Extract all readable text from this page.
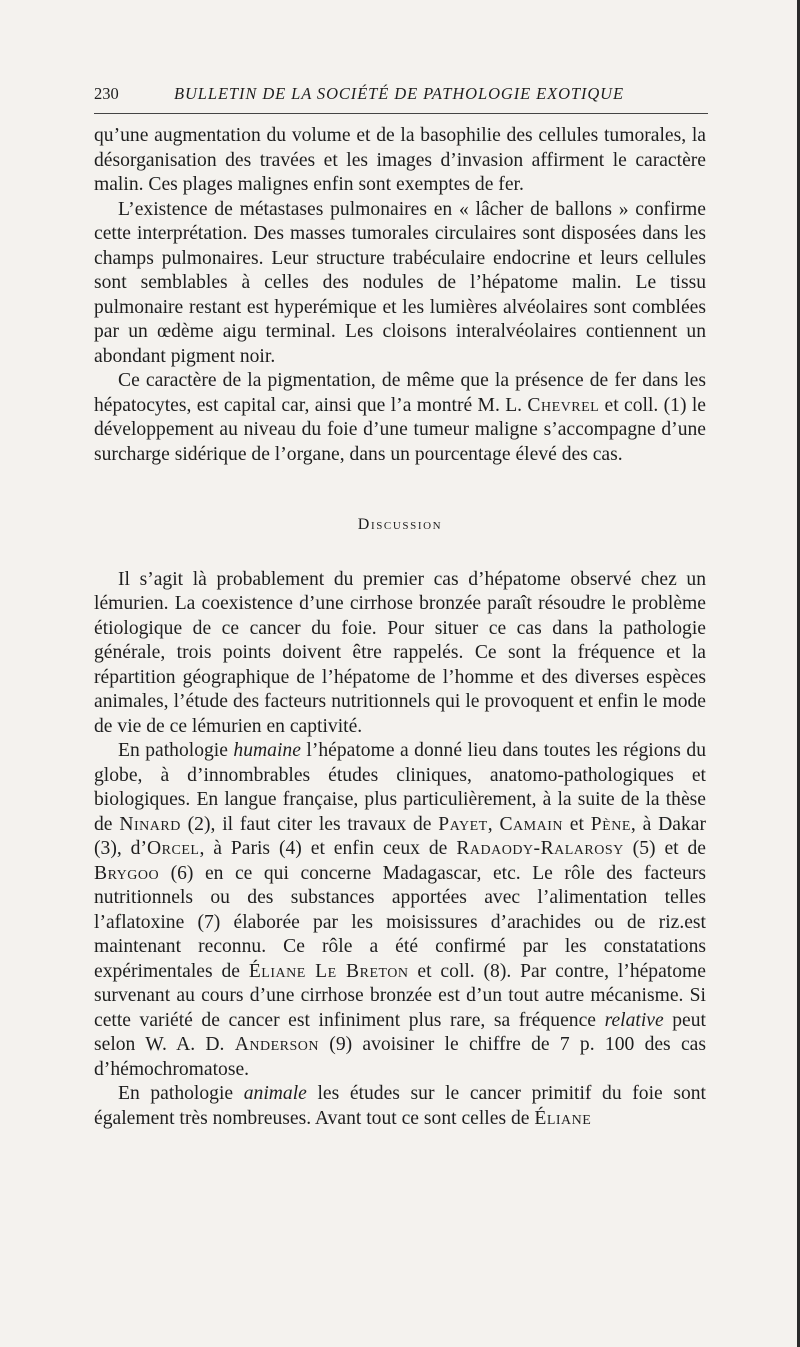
230	BULLETIN DE LA SOCIÉTÉ DE PATHOLOGIE EXOTIQUE

qu’une augmentation du volume et de la basophilie des cellules tumorales, la désorganisation des travées et les images d’invasion affirment le caractère malin. Ces plages malignes enfin sont exemptes de fer.

L’existence de métastases pulmonaires en « lâcher de ballons » confirme cette interprétation. Des masses tumorales circulaires sont disposées dans les champs pulmonaires. Leur structure trabéculaire endocrine et leurs cellules sont semblables à celles des nodules de l’hépatome malin. Le tissu pulmonaire restant est hyperémique et les lumières alvéolaires sont comblées par un œdème aigu terminal. Les cloisons interalvéolaires contiennent un abondant pigment noir.

Ce caractère de la pigmentation, de même que la présence de fer dans les hépatocytes, est capital car, ainsi que l’a montré M. L. Chevrel et coll. (1) le développement au niveau du foie d’une tumeur maligne s’accompagne d’une surcharge sidérique de l’organe, dans un pourcentage élevé des cas.

Discussion

Il s’agit là probablement du premier cas d’hépatome observé chez un lémurien. La coexistence d’une cirrhose bronzée paraît résoudre le problème étiologique de ce cancer du foie. Pour situer ce cas dans la pathologie générale, trois points doivent être rappelés. Ce sont la fréquence et la répartition géographique de l’hépatome de l’homme et des diverses espèces animales, l’étude des facteurs nutritionnels qui le provoquent et enfin le mode de vie de ce lémurien en captivité.

En pathologie humaine l’hépatome a donné lieu dans toutes les régions du globe, à d’innombrables études cliniques, anatomo-pathologiques et biologiques. En langue française, plus particulièrement, à la suite de la thèse de Ninard (2), il faut citer les travaux de Payet, Camain et Pène, à Dakar (3), d’Orcel, à Paris (4) et enfin ceux de Radaody-Ralarosy (5) et de Brygoo (6) en ce qui concerne Madagascar, etc. Le rôle des facteurs nutritionnels ou des substances apportées avec l’alimentation telles l’aflatoxine (7) élaborée par les moisissures d’arachides ou de riz.est maintenant reconnu. Ce rôle a été confirmé par les constatations expérimentales de Éliane Le Breton et coll. (8). Par contre, l’hépatome survenant au cours d’une cirrhose bronzée est d’un tout autre mécanisme. Si cette variété de cancer est infiniment plus rare, sa fréquence relative peut selon W. A. D. Anderson (9) avoisiner le chiffre de 7 p. 100 des cas d’hémochromatose.

En pathologie animale les études sur le cancer primitif du foie sont également très nombreuses. Avant tout ce sont celles de Éliane
